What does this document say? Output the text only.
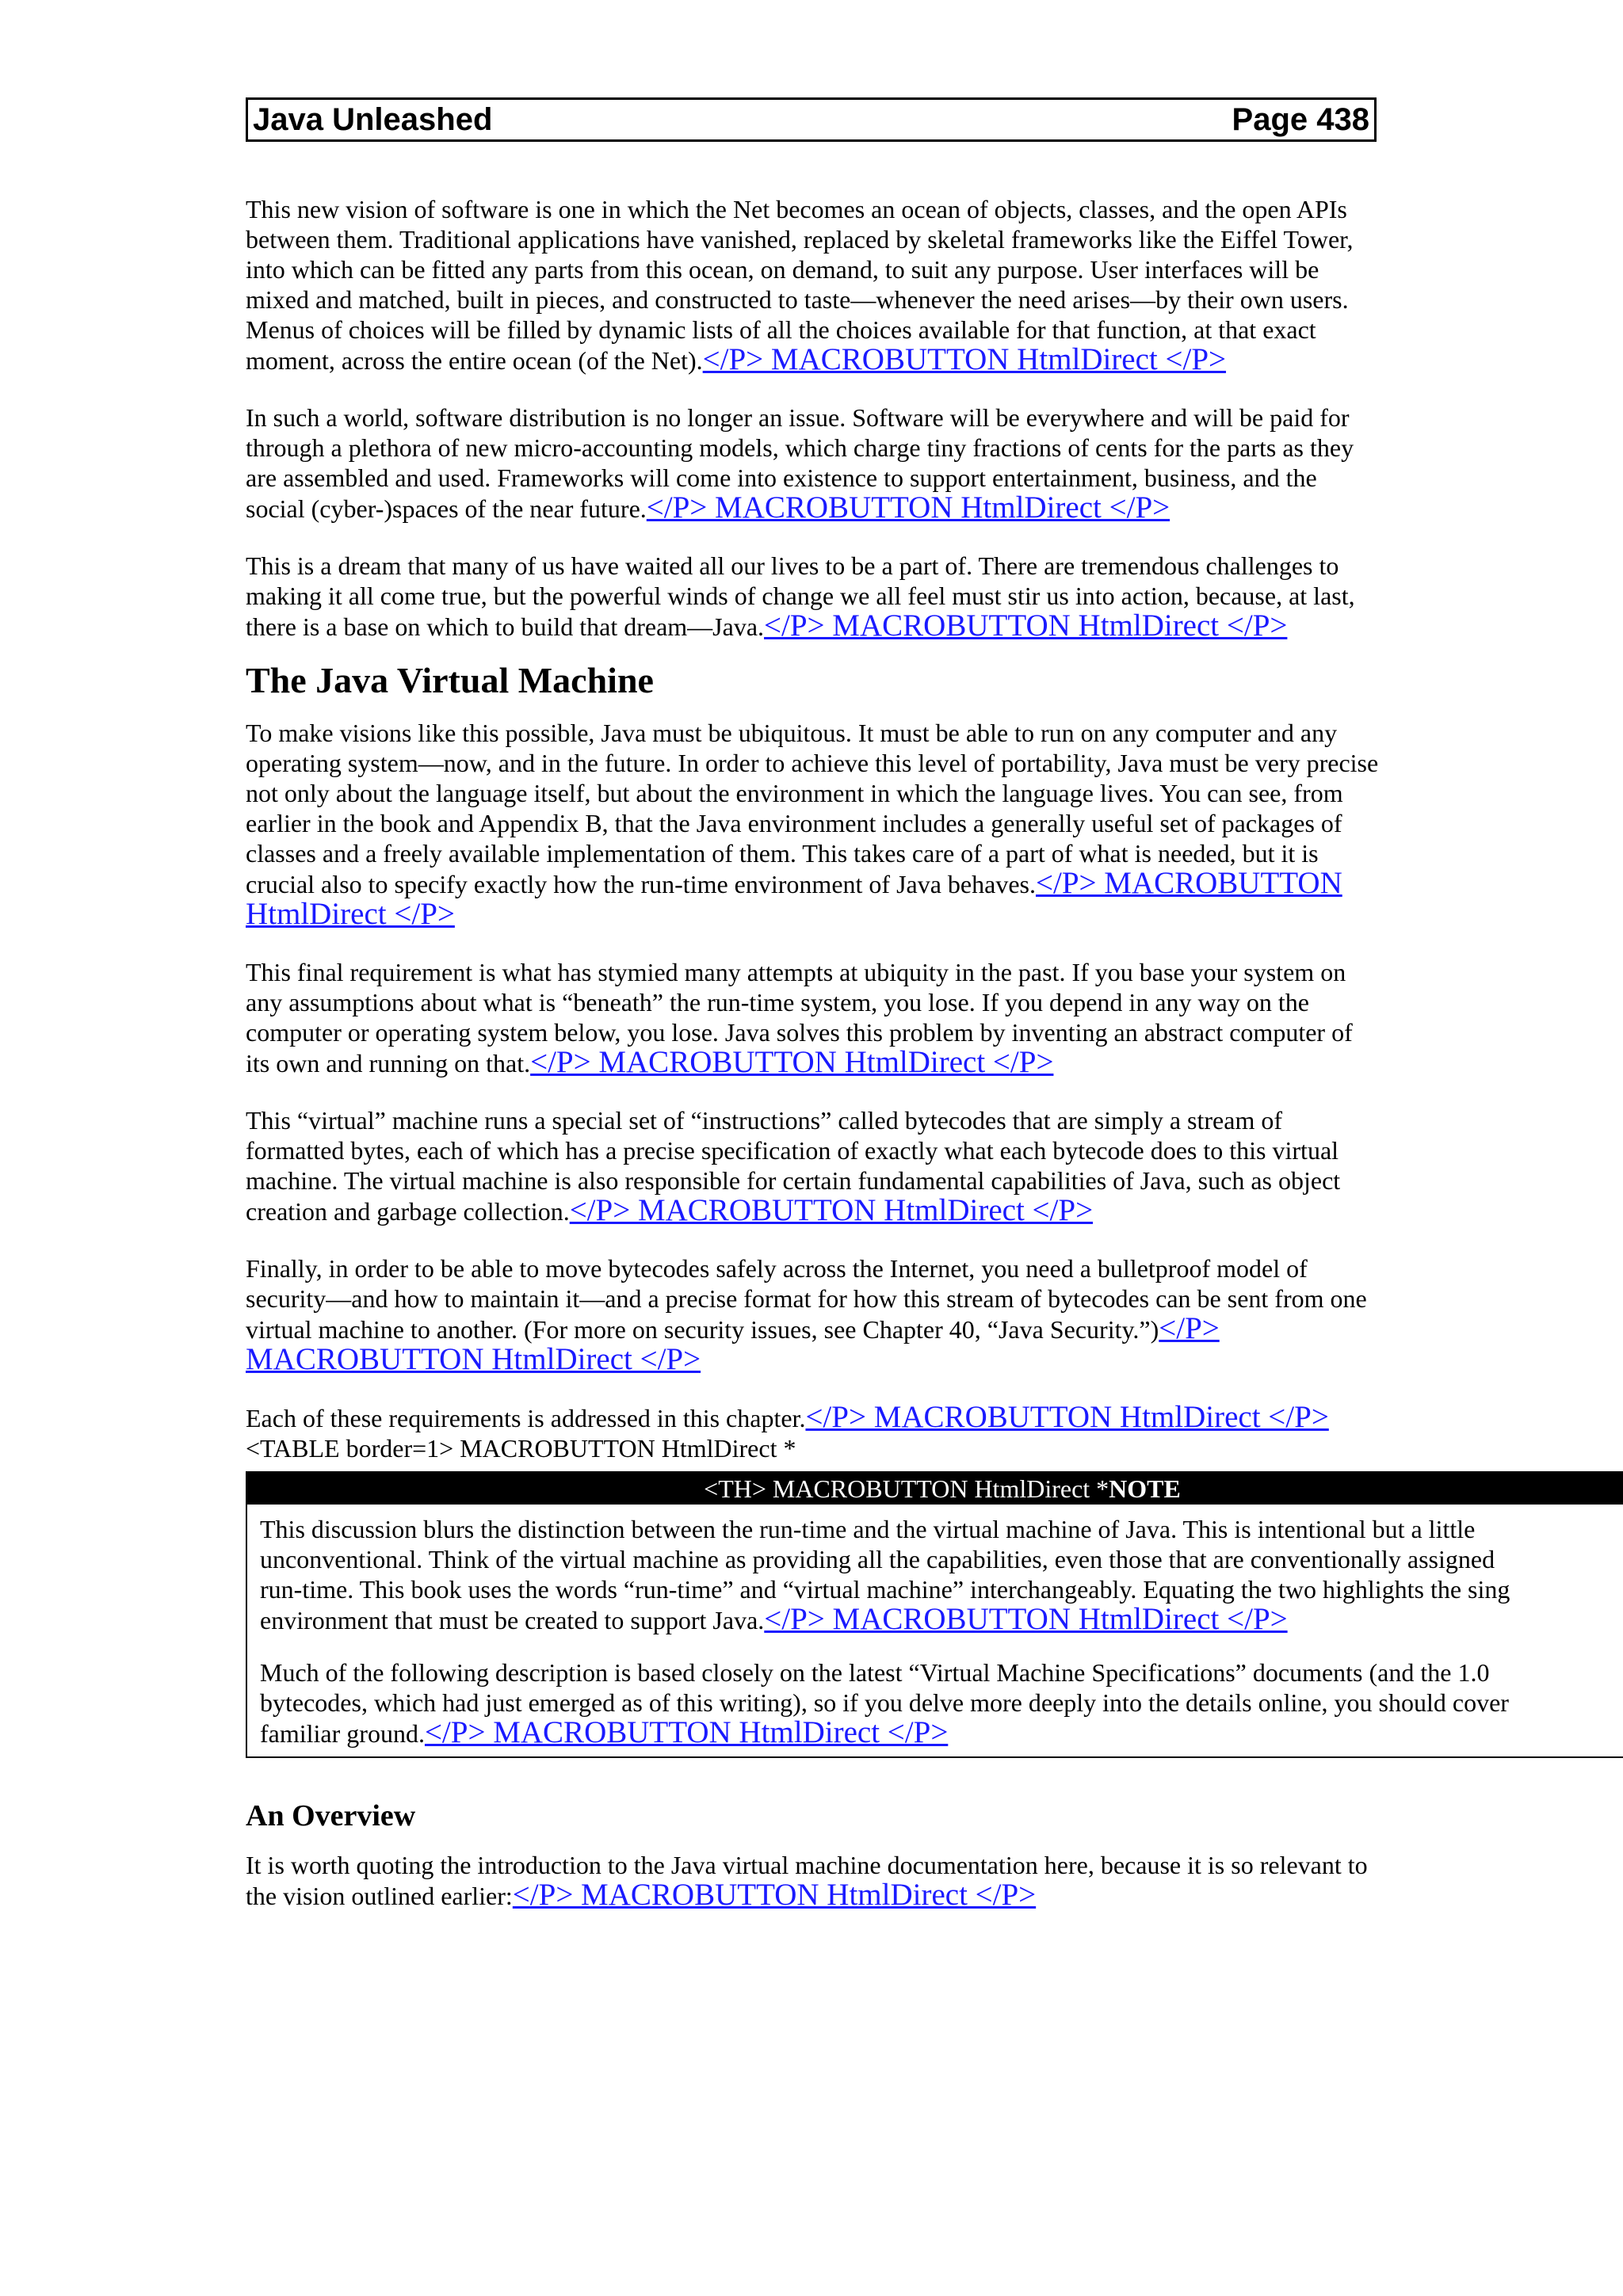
Java Unleashed	Page 438

This new vision of software is one in which the Net becomes an ocean of objects, classes, and the open APIs between them. Traditional applications have vanished, replaced by skeletal frameworks like the Eiffel Tower, into which can be fitted any parts from this ocean, on demand, to suit any purpose. User interfaces will be mixed and matched, built in pieces, and constructed to taste—whenever the need arises—by their own users. Menus of choices will be filled by dynamic lists of all the choices available for that function, at that exact moment, across the entire ocean (of the Net).</P> MACROBUTTON HtmlDirect </P>

In such a world, software distribution is no longer an issue. Software will be everywhere and will be paid for through a plethora of new micro-accounting models, which charge tiny fractions of cents for the parts as they are assembled and used. Frameworks will come into existence to support entertainment, business, and the social (cyber-)spaces of the near future.</P> MACROBUTTON HtmlDirect </P>

This is a dream that many of us have waited all our lives to be a part of. There are tremendous challenges to making it all come true, but the powerful winds of change we all feel must stir us into action, because, at last, there is a base on which to build that dream—Java.</P> MACROBUTTON HtmlDirect </P>

The Java Virtual Machine

To make visions like this possible, Java must be ubiquitous. It must be able to run on any computer and any operating system—now, and in the future. In order to achieve this level of portability, Java must be very precise not only about the language itself, but about the environment in which the language lives. You can see, from earlier in the book and Appendix B, that the Java environment includes a generally useful set of packages of classes and a freely available implementation of them. This takes care of a part of what is needed, but it is crucial also to specify exactly how the run-time environment of Java behaves.</P> MACROBUTTON HtmlDirect </P>

This final requirement is what has stymied many attempts at ubiquity in the past. If you base your system on any assumptions about what is “beneath” the run-time system, you lose. If you depend in any way on the computer or operating system below, you lose. Java solves this problem by inventing an abstract computer of its own and running on that.</P> MACROBUTTON HtmlDirect </P>

This “virtual” machine runs a special set of “instructions” called bytecodes that are simply a stream of formatted bytes, each of which has a precise specification of exactly what each bytecode does to this virtual machine. The virtual machine is also responsible for certain fundamental capabilities of Java, such as object creation and garbage collection.</P> MACROBUTTON HtmlDirect </P>

Finally, in order to be able to move bytecodes safely across the Internet, you need a bulletproof model of security—and how to maintain it—and a precise format for how this stream of bytecodes can be sent from one virtual machine to another. (For more on security issues, see Chapter 40, “Java Security.”)</P> MACROBUTTON HtmlDirect </P>

Each of these requirements is addressed in this chapter.</P> MACROBUTTON HtmlDirect </P> <TABLE border=1> MACROBUTTON HtmlDirect *

<TH> MACROBUTTON HtmlDirect *NOTE

This discussion blurs the distinction between the run-time and the virtual machine of Java. This is intentional but a little
unconventional. Think of the virtual machine as providing all the capabilities, even those that are conventionally assigned
run-time. This book uses the words “run-time” and “virtual machine” interchangeably. Equating the two highlights the sing
environment that must be created to support Java.</P> MACROBUTTON HtmlDirect </P>

Much of the following description is based closely on the latest “Virtual Machine Specifications” documents (and the 1.0
bytecodes, which had just emerged as of this writing), so if you delve more deeply into the details online, you should cover
familiar ground.</P> MACROBUTTON HtmlDirect </P>

An Overview

It is worth quoting the introduction to the Java virtual machine documentation here, because it is so relevant to the vision outlined earlier:</P> MACROBUTTON HtmlDirect </P>
